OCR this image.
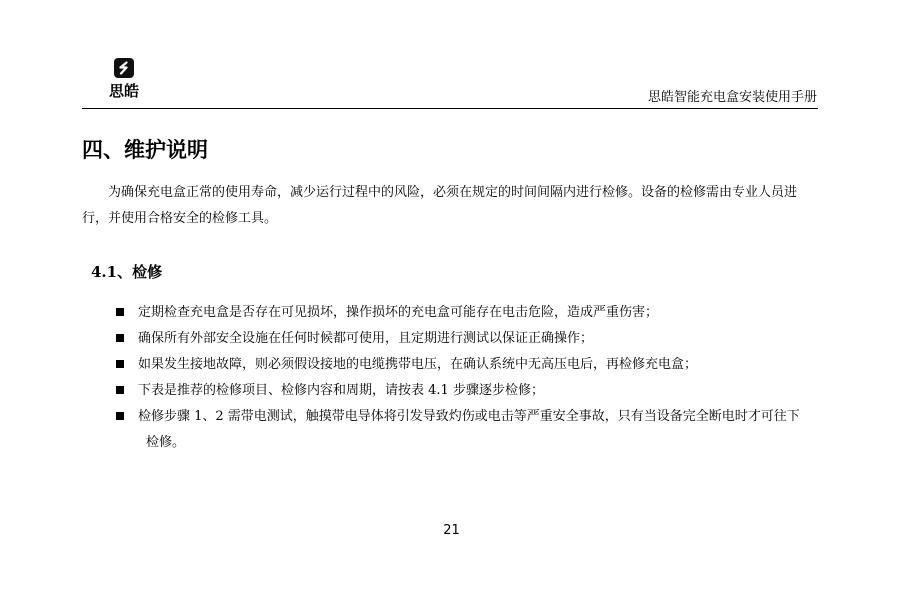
思皓	思皓智能充电盒安装使用手册
四、维护说明

为确保充电盒正常的使用寿命，减少运行过程中的风险，必须在规定的时间间隔内进行检修。设备的检修需由专业人员进行，并使用合格安全的检修工具。

4.1、检修
定期检查充电盒是否存在可见损坏，操作损坏的充电盒可能存在电击危险，造成严重伤害；
确保所有外部安全设施在任何时候都可使用，且定期进行测试以保证正确操作；
如果发生接地故障，则必须假设接地的电缆携带电压，在确认系统中无高压电后，再检修充电盒；
下表是推荐的检修项目、检修内容和周期，请按表 4.1 步骤逐步检修；
检修步骤 1、2 需带电测试，触摸带电导体将引发导致灼伤或电击等严重安全事故，只有当设备完全断电时才可往下
检修。
21
